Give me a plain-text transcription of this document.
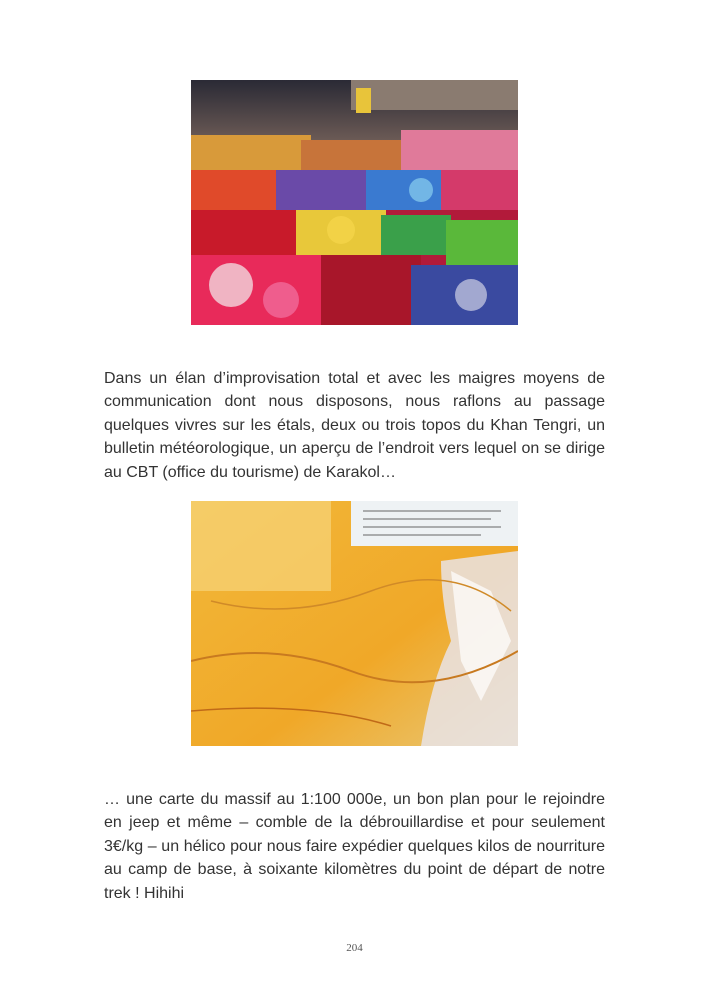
Dans un élan d’improvisation total et avec les maigres moyens de communication dont nous disposons, nous raflons au passage quelques vivres sur les étals, deux ou trois topos du Khan Tengri, un bulletin météorologique, un aperçu de l’endroit vers lequel on se dirige au CBT (office du tourisme) de Karakol…

… une carte du massif au 1:100 000e, un bon plan pour le rejoindre en jeep et même – comble de la débrouillardise et pour seulement 3€/kg – un hélico pour nous faire expédier quelques kilos de nourriture au camp de base, à soixante kilomètres du point de départ de notre trek ! Hihihi

204
